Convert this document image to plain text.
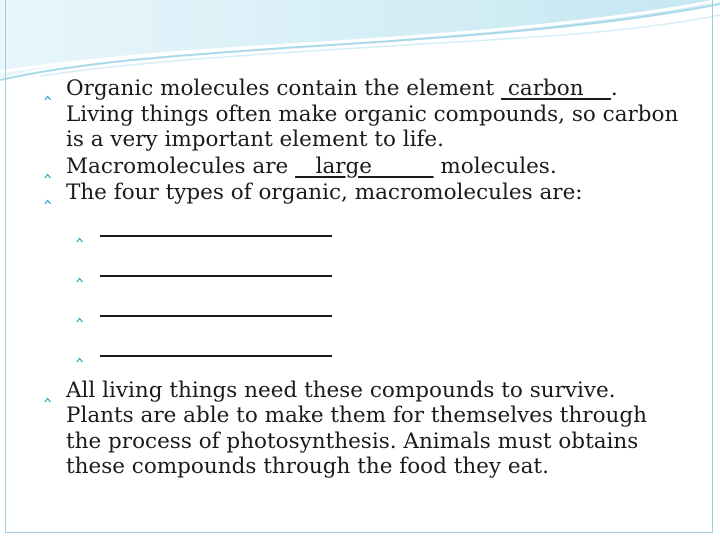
‸ Organic molecules contain the element  carbon . Living things often make organic compounds, so carbon is a very important element to life.
‸ Macromolecules are    large	molecules.
‸ The four types of organic, macromolecules are:
‸
‸
‸
‸
‸ All living things need these compounds to survive. Plants are able to make them for themselves through the process of photosynthesis. Animals must obtains these compounds through the food they eat.
